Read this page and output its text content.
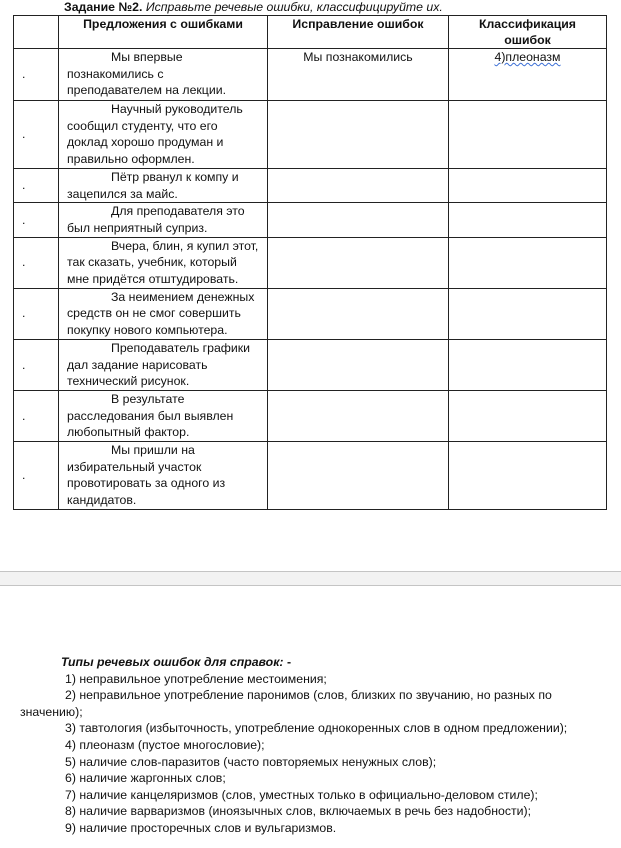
Задание №2. Исправьте речевые ошибки, классифицируйте их.
	Предложения с ошибками	Исправление ошибок	Классификация ошибок
.	Мы впервые познакомились с преподавателем на лекции.	Мы познакомились	4)плеоназм
.	Научный руководитель сообщил студенту, что его доклад хорошо продуман и правильно оформлен.		

.	Пётр рванул к компу и зацепился за майс.		

.	Для преподавателя это был неприятный суприз.		

.	Вчера, блин, я купил этот, так сказать, учебник, который мне придётся отштудировать.		

.	За неимением денежных средств он не смог совершить покупку нового компьютера.		

.	Преподаватель графики дал задание нарисовать технический рисунок.		

.	В результате расследования был выявлен любопытный фактор.		

.	Мы пришли на избирательный участок провотировать за одного из кандидатов.		

Типы речевых ошибок для справок: -
1) неправильное употребление местоимения;
2) неправильное употребление паронимов (слов, близких по звучанию, но разных по значению);
3) тавтология (избыточность, употребление однокоренных слов в одном предложении);
4) плеоназм (пустое многословие);
5) наличие слов-паразитов (часто повторяемых ненужных слов);
6) наличие жаргонных слов;
7) наличие канцеляризмов (слов, уместных только в официально-деловом стиле);
8) наличие варваризмов (иноязычных слов, включаемых в речь без надобности);
9) наличие просторечных слов и вульгаризмов.
